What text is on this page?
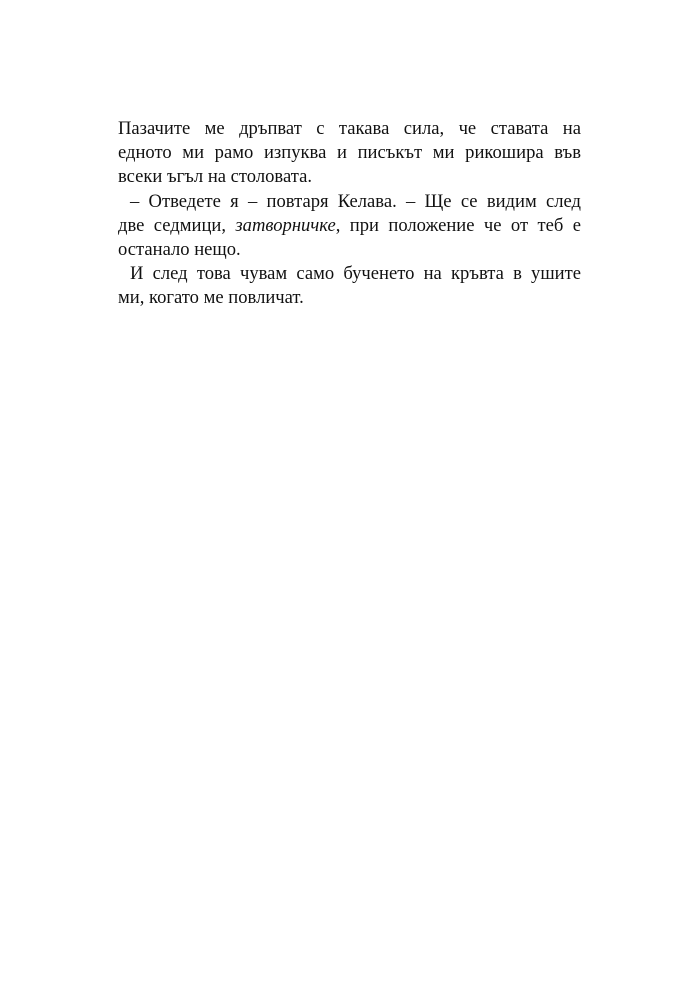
Пазачите ме дръпват с такава сила, че ставата на
едното ми рамо изпуква и писъкът ми рикошира във
всеки ъгъл на столовата.

– Отведете я – повтаря Келава. – Ще се видим след
две седмици, затворничке, при положение че от теб е
останало нещо.

И след това чувам само бученето на кръвта в ушите
ми, когато ме повличат.
